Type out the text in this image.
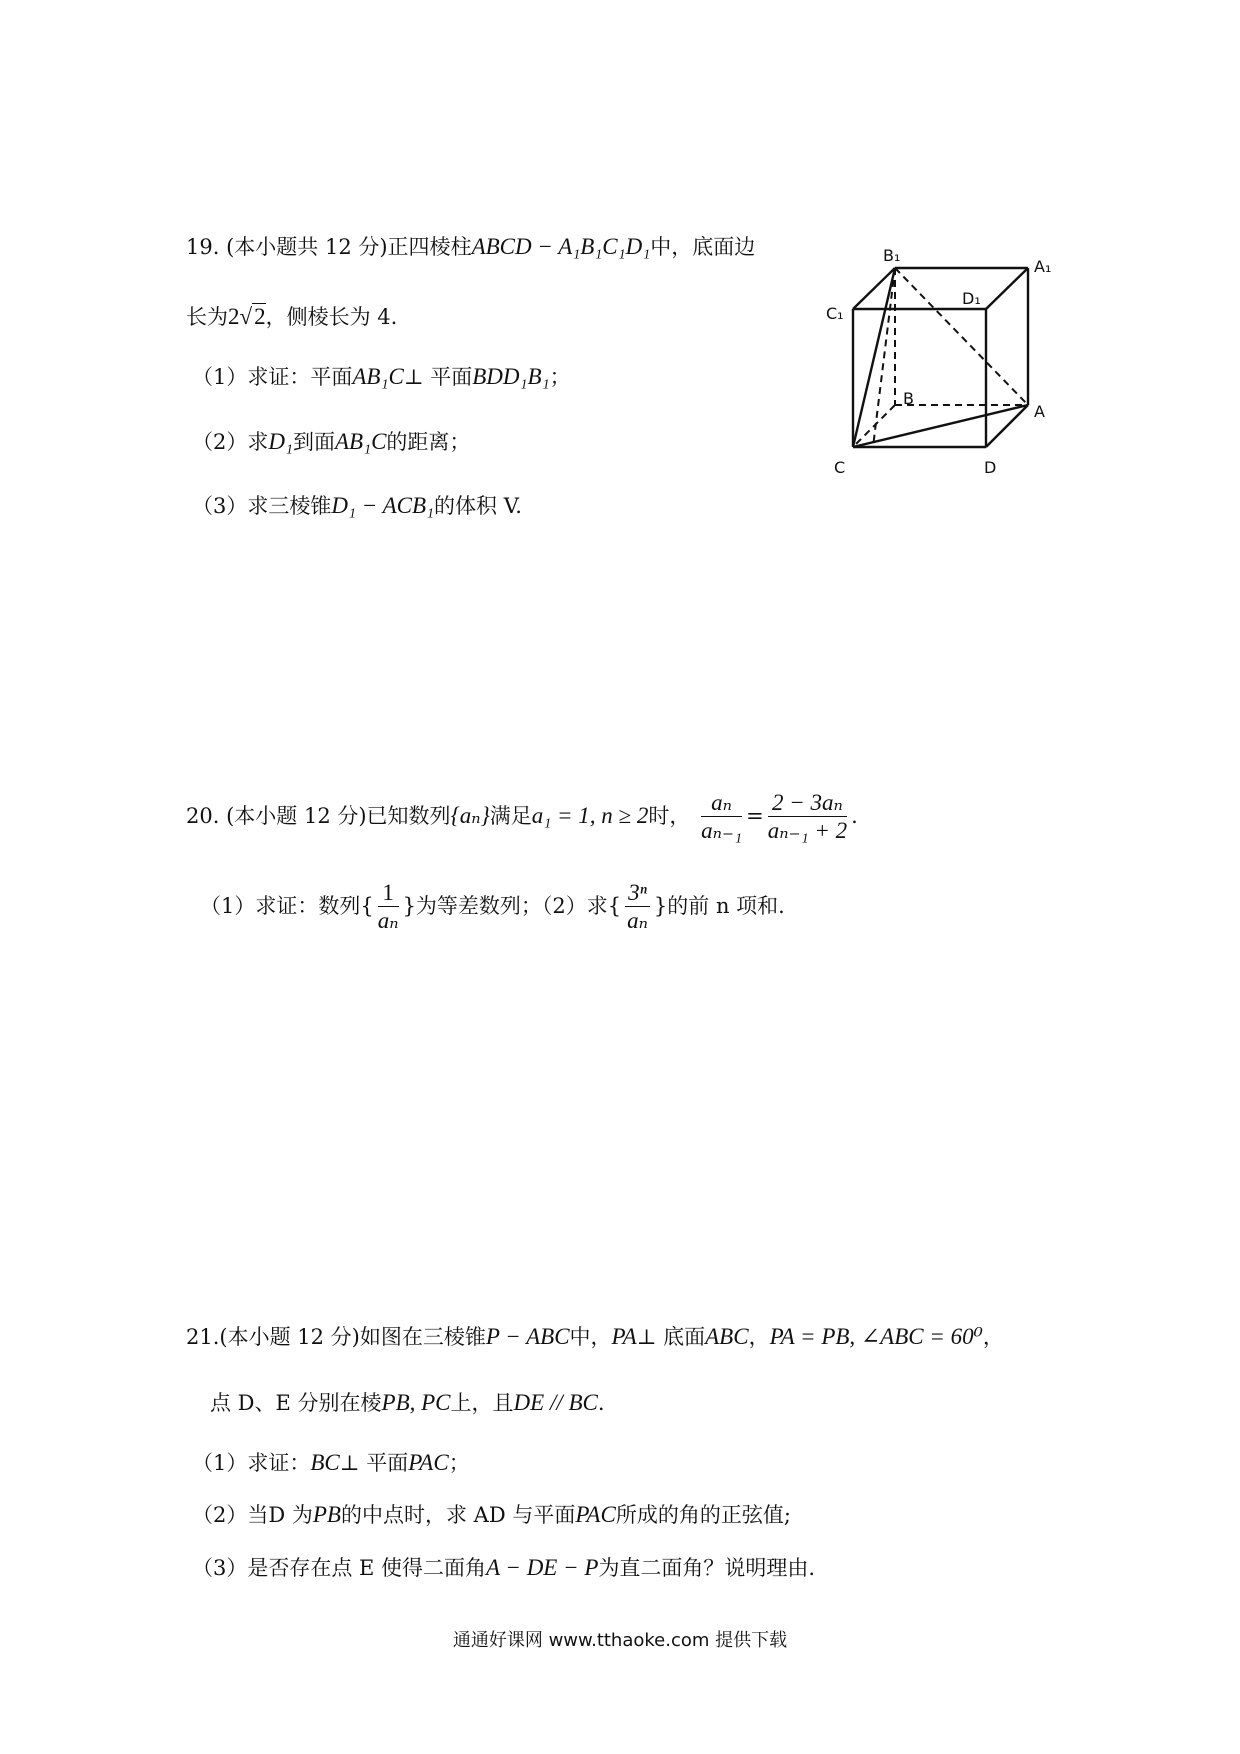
19. (本小题共 12 分)正四棱柱ABCD − A₁B₁C₁D₁中，底面边
长为2√2，侧棱长为 4.
（1）求证：平面AB₁C⊥ 平面BDD₁B₁；
（2）求D₁到面AB₁C的距离；
（3）求三棱锥D₁ − ACB₁的体积 V.
B₁
A₁
C₁
D₁
B
A
C	D
20. (本小题 12 分)已知数列{aₙ}满足a₁ = 1, n ≥ 2时， $\frac{\text{aₙ}}{\text{aₙ₋₁}} = \frac{\text{2 − 3aₙ}}{\text{aₙ₋₁ + 2}}$ .
（1）求证：数列{ $\frac{1}{\text{aₙ}}$ }为等差数列；（2）求{ $\frac{\text{3ⁿ}}{\text{aₙ}}$ }的前 n 项和.
21.(本小题 12 分)如图在三棱锥P − ABC中，PA⊥ 底面ABC，PA = PB, ∠ABC = 60⁰，
点 D、E 分别在棱PB, PC上，且DE // BC.
（1）求证：BC⊥ 平面PAC；
（2）当D 为PB的中点时，求 AD 与平面PAC所成的角的正弦值;
（3）是否存在点 E 使得二面角A − DE − P为直二面角？说明理由.
通通好课网 www.tthaoke.com 提供下载
